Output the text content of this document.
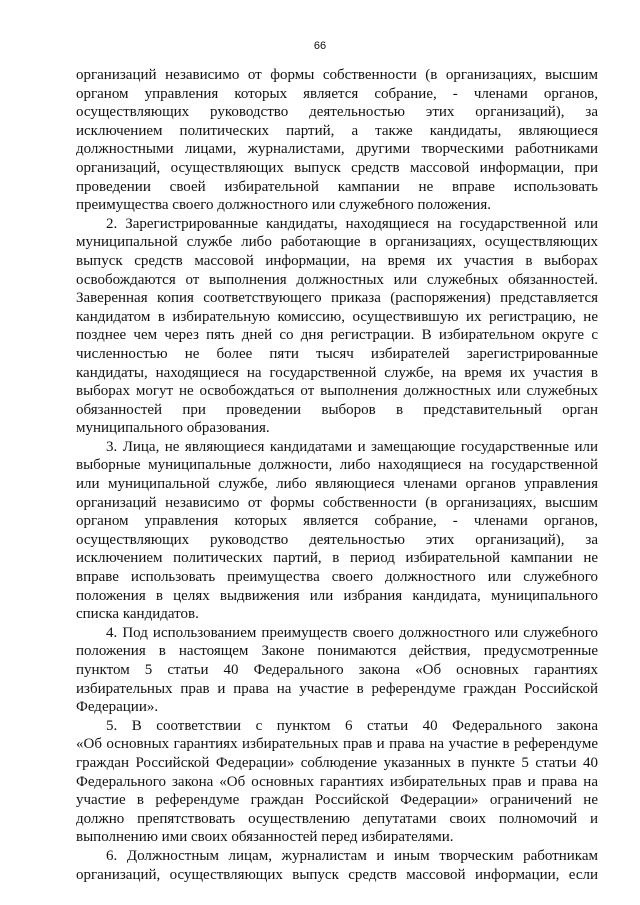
66
организаций независимо от формы собственности (в организациях, высшим
органом управления которых является собрание, - членами органов,
осуществляющих руководство деятельностью этих организаций), за
исключением политических партий, а также кандидаты, являющиеся
должностными лицами, журналистами, другими творческими работниками
организаций, осуществляющих выпуск средств массовой информации, при
проведении своей избирательной кампании не вправе использовать
преимущества своего должностного или служебного положения.
2. Зарегистрированные кандидаты, находящиеся на государственной или
муниципальной службе либо работающие в организациях, осуществляющих
выпуск средств массовой информации, на время их участия в выборах
освобождаются от выполнения должностных или служебных обязанностей.
Заверенная копия соответствующего приказа (распоряжения) представляется
кандидатом в избирательную комиссию, осуществившую их регистрацию, не
позднее чем через пять дней со дня регистрации. В избирательном округе с
численностью не более пяти тысяч избирателей зарегистрированные
кандидаты, находящиеся на государственной службе, на время их участия в
выборах могут не освобождаться от выполнения должностных или служебных
обязанностей при проведении выборов в представительный орган
муниципального образования.
3. Лица, не являющиеся кандидатами и замещающие государственные или
выборные муниципальные должности, либо находящиеся на государственной
или муниципальной службе, либо являющиеся членами органов управления
организаций независимо от формы собственности (в организациях, высшим
органом управления которых является собрание, - членами органов,
осуществляющих руководство деятельностью этих организаций), за
исключением политических партий, в период избирательной кампании не
вправе использовать преимущества своего должностного или служебного
положения в целях выдвижения или избрания кандидата, муниципального
списка кандидатов.
4. Под использованием преимуществ своего должностного или служебного
положения в настоящем Законе понимаются действия, предусмотренные
пунктом 5 статьи 40 Федерального закона «Об основных гарантиях
избирательных прав и права на участие в референдуме граждан Российской
Федерации».
5. В соответствии с пунктом 6 статьи 40 Федерального закона
«Об основных гарантиях избирательных прав и права на участие в референдуме
граждан Российской Федерации» соблюдение указанных в пункте 5 статьи 40
Федерального закона «Об основных гарантиях избирательных прав и права на
участие в референдуме граждан Российской Федерации» ограничений не
должно препятствовать осуществлению депутатами своих полномочий и
выполнению ими своих обязанностей перед избирателями.
6. Должностным лицам, журналистам и иным творческим работникам
организаций, осуществляющих выпуск средств массовой информации, если
